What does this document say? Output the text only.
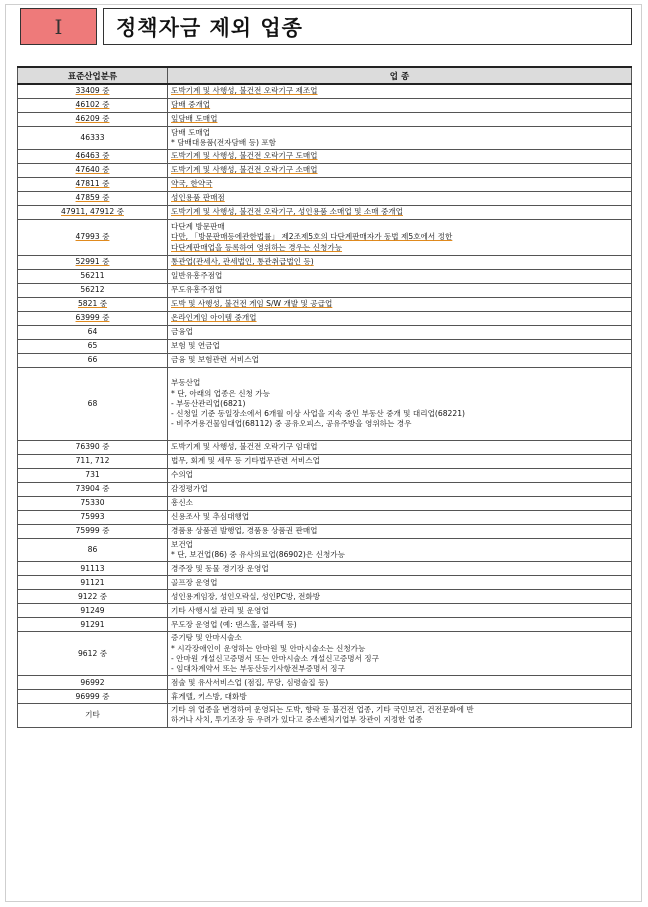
Ⅰ	정책자금 제외 업종
표준산업분류	업 종
33409 중	도박기계 및 사행성, 불건전 오락기구 제조업

46102 중	담배 중개업

46209 중	잎담배 도매업

46333	담배 도매업
* 담배대용품(전자담배 등) 포함

46463 중	도박기계 및 사행성, 불건전 오락기구 도매업

47640 중	도박기계 및 사행성, 불건전 오락기구 소매업

47811 중	약국, 한약국

47859 중	성인용품 판매점

47911, 47912 중	도박기계 및 사행성, 불건전 오락기구, 성인용품 소매업 및 소매 중개업

47993 중	다단계 방문판매
다만, 「방문판매등에관한법률」 제2조제5호의 다단계판매자가 동법 제5호에서 정한
다단계판매업을 등록하여 영위하는 경우는 신청가능

52991 중	통관업(관세사, 관세법인, 통관취급법인 등)

56211	일반유흥주점업

56212	무도유흥주점업

5821 중	도박 및 사행성, 불건전 게임 S/W 개발 및 공급업

63999 중	온라인게임 아이템 중개업

64	금융업

65	보험 및 연금업

66	금융 및 보험관련 서비스업

68	부동산업
* 단, 아래의 업종은 신청 가능
- 부동산관리업(6821)
- 신청일 기준 동일장소에서 6개월 이상 사업을 지속 중인 부동산 중개 및 대리업(68221)
- 비주거용건물임대업(68112) 중 공유오피스, 공유주방을 영위하는 경우

76390 중	도박기계 및 사행성, 불건전 오락기구 임대업

711, 712	법무, 회계 및 세무 등 기타법무관련 서비스업

731	수의업

73904 중	감정평가업

75330	흥신소

75993	신용조사 및 추심대행업

75999 중	경품용 상품권 발행업, 경품용 상품권 판매업

86	보건업
* 단, 보건업(86) 중 유사의료업(86902)은 신청가능

91113	경주장 및 동물 경기장 운영업

91121	골프장 운영업

9122 중	성인용게임장, 성인오락실, 성인PC방, 전화방

91249	기타 사행시설 관리 및 운영업

91291	무도장 운영업 (예: 댄스홀, 콜라텍 등)

9612 중	증기탕 및 안마시술소
* 시각장애인이 운영하는 안마원 및 안마시술소는 신청가능
- 안마원 개설신고증명서 또는 안마시술소 개설신고증명서 징구
- 임대차계약서 또는 부동산등기사항전부증명서 징구

96992	점술 및 유사서비스업 (점집, 무당, 심령술집 등)

96999 중	휴게텔, 키스방, 대화방

기타	기타 위 업종을 변경하여 운영되는 도박, 향락 등 불건전 업종, 기타 국민보건, 건전문화에 반
하거나 사치, 투기조장 등 우려가 있다고 중소벤처기업부 장관이 지정한 업종
